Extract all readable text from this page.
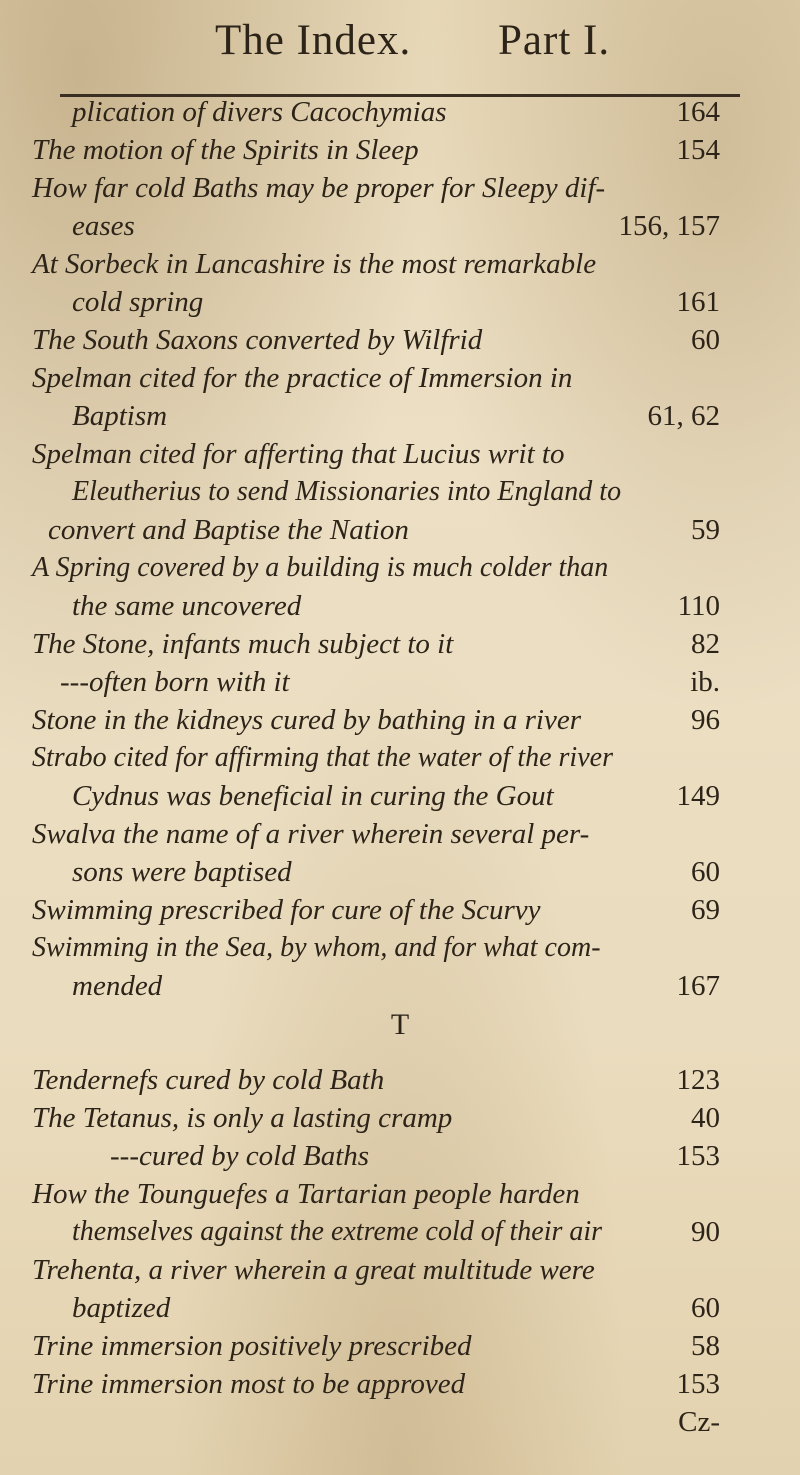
The Index. Part I.
plication of divers Cacochymias	164
The motion of the Spirits in Sleep	154
How far cold Baths may be proper for Sleepy dif-
eases	156, 157
At Sorbeck in Lancashire is the most remarkable
cold spring	161
The South Saxons converted by Wilfrid	60
Spelman cited for the practice of Immersion in
Baptism	61, 62
Spelman cited for afferting that Lucius writ to
Eleutherius to send Missionaries into England to
convert and Baptise the Nation	59
A Spring covered by a building is much colder than
the same uncovered	110
The Stone, infants much subject to it	82
---often born with it	ib.
Stone in the kidneys cured by bathing in a river	96
Strabo cited for affirming that the water of the river
Cydnus was beneficial in curing the Gout	149
Swalva the name of a river wherein several per-
sons were baptised	60
Swimming prescribed for cure of the Scurvy	69
Swimming in the Sea, by whom, and for what com-
mended	167
T
Tendernefs cured by cold Bath	123
The Tetanus, is only a lasting cramp	40
---cured by cold Baths	153
How the Tounguefes a Tartarian people harden
themselves against the extreme cold of their air	90
Trehenta, a river wherein a great multitude were
baptized	60
Trine immersion positively prescribed	58
Trine immersion most to be approved	153
Cz-
